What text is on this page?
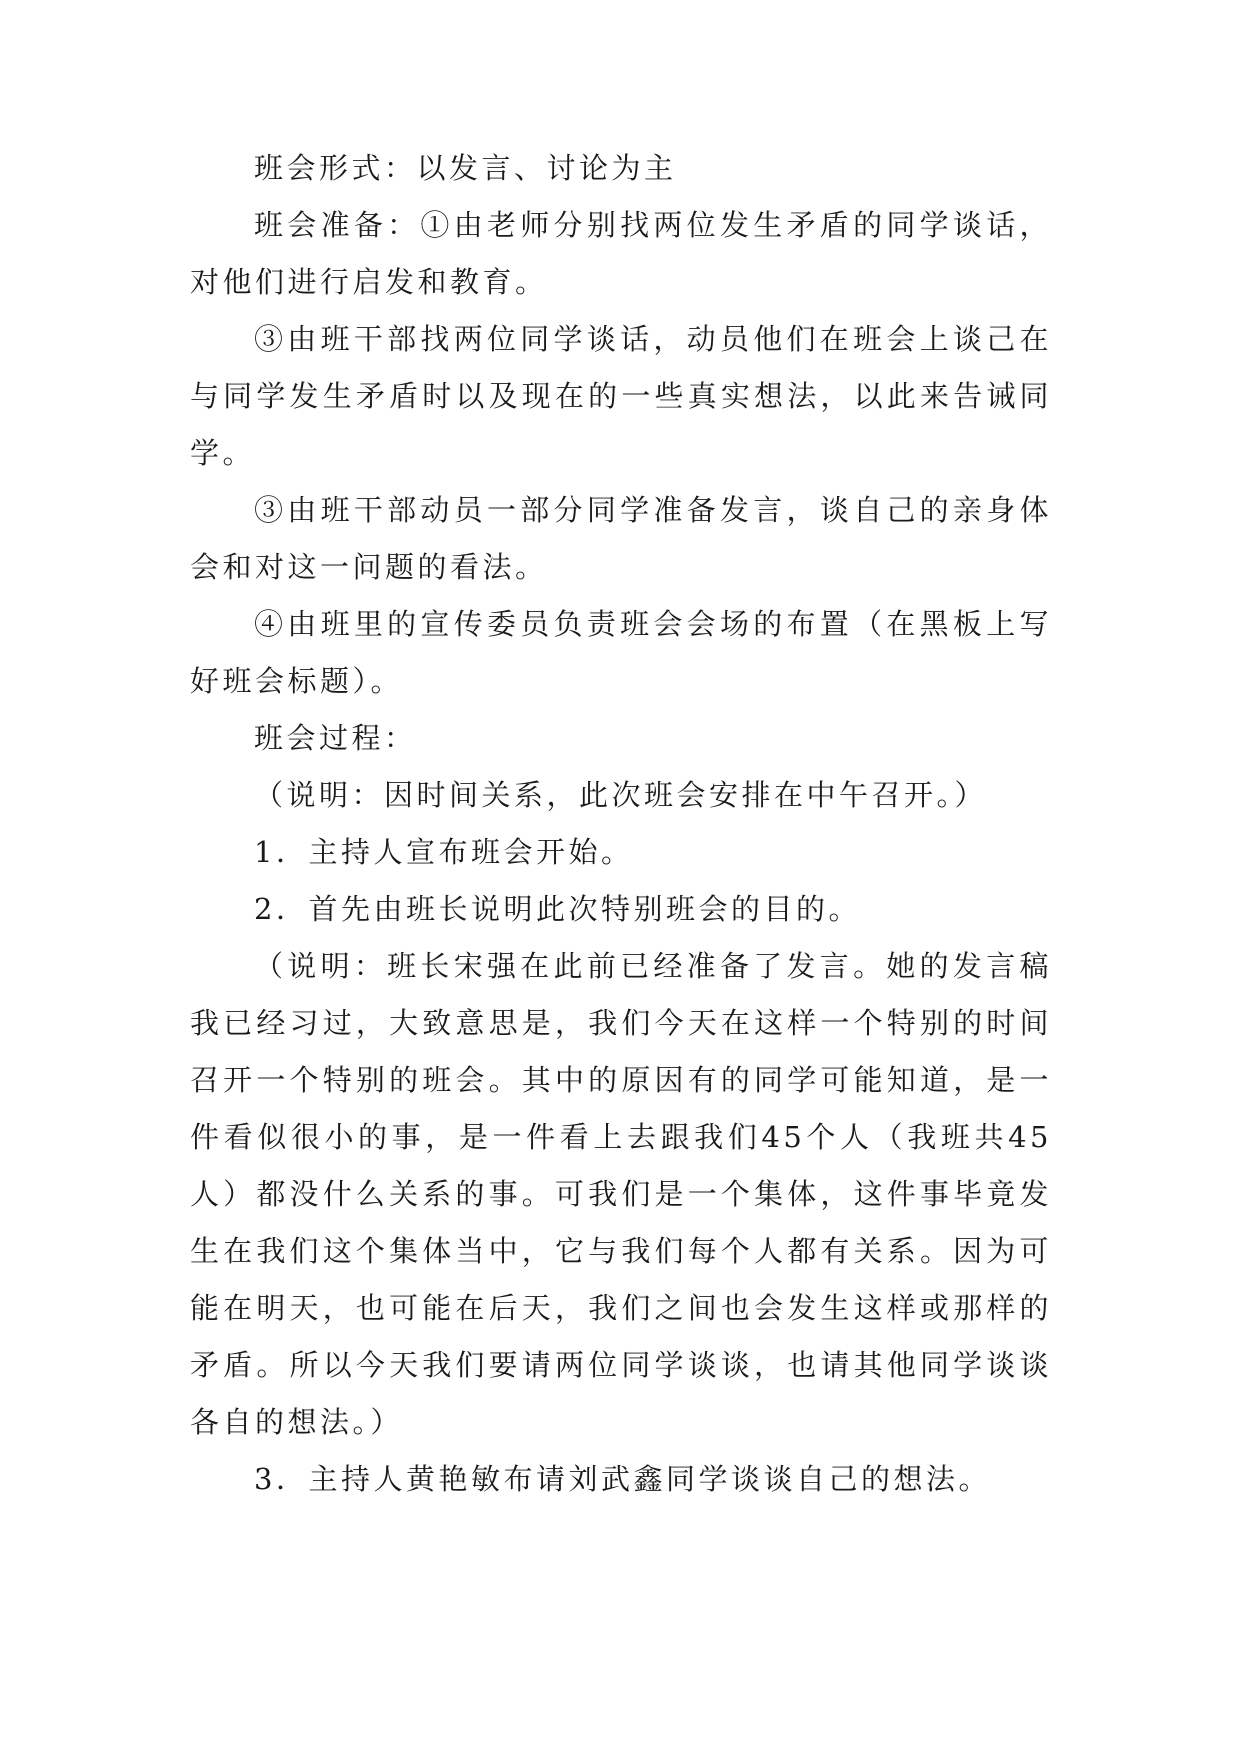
班会形式：以发言、讨论为主

班会准备：①由老师分别找两位发生矛盾的同学谈话，对他们进行启发和教育。

③由班干部找两位同学谈话，动员他们在班会上谈己在与同学发生矛盾时以及现在的一些真实想法，以此来告诫同学。

③由班干部动员一部分同学准备发言，谈自己的亲身体会和对这一问题的看法。

④由班里的宣传委员负责班会会场的布置（在黑板上写好班会标题）。

班会过程：

（说明：因时间关系，此次班会安排在中午召开。）

1．主持人宣布班会开始。

2．首先由班长说明此次特别班会的目的。

（说明：班长宋强在此前已经准备了发言。她的发言稿我已经习过，大致意思是，我们今天在这样一个特别的时间召开一个特别的班会。其中的原因有的同学可能知道，是一件看似很小的事，是一件看上去跟我们45个人（我班共45人）都没什么关系的事。可我们是一个集体，这件事毕竟发生在我们这个集体当中，它与我们每个人都有关系。因为可能在明天，也可能在后天，我们之间也会发生这样或那样的矛盾。所以今天我们要请两位同学谈谈，也请其他同学谈谈各自的想法。）

3．主持人黄艳敏布请刘武鑫同学谈谈自己的想法。
